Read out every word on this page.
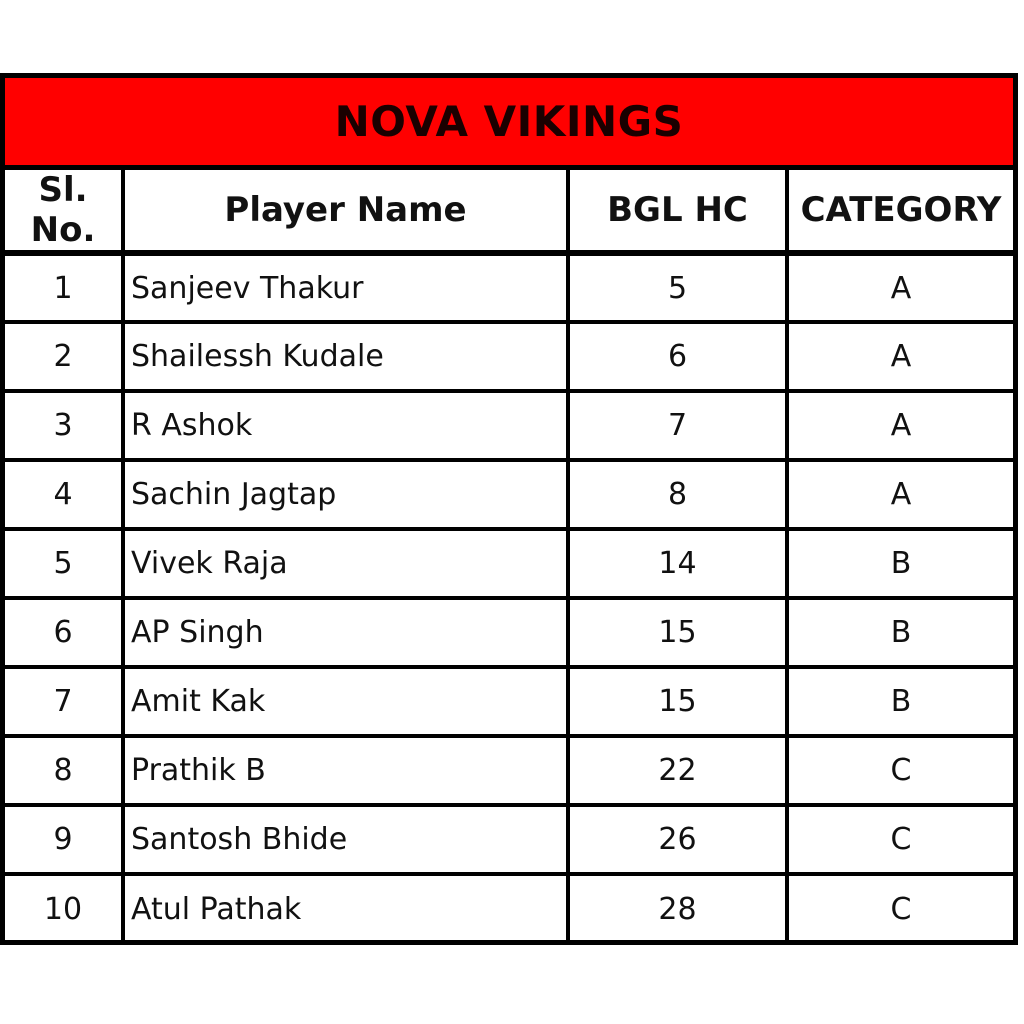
NOVA VIKINGS
Sl. No.	Player Name	BGL HC	CATEGORY
1	Sanjeev Thakur	5	A
2	Shailessh Kudale	6	A
3	R Ashok	7	A
4	Sachin Jagtap	8	A
5	Vivek Raja	14	B
6	AP Singh	15	B
7	Amit Kak	15	B
8	Prathik B	22	C
9	Santosh Bhide	26	C
10	Atul Pathak	28	C
